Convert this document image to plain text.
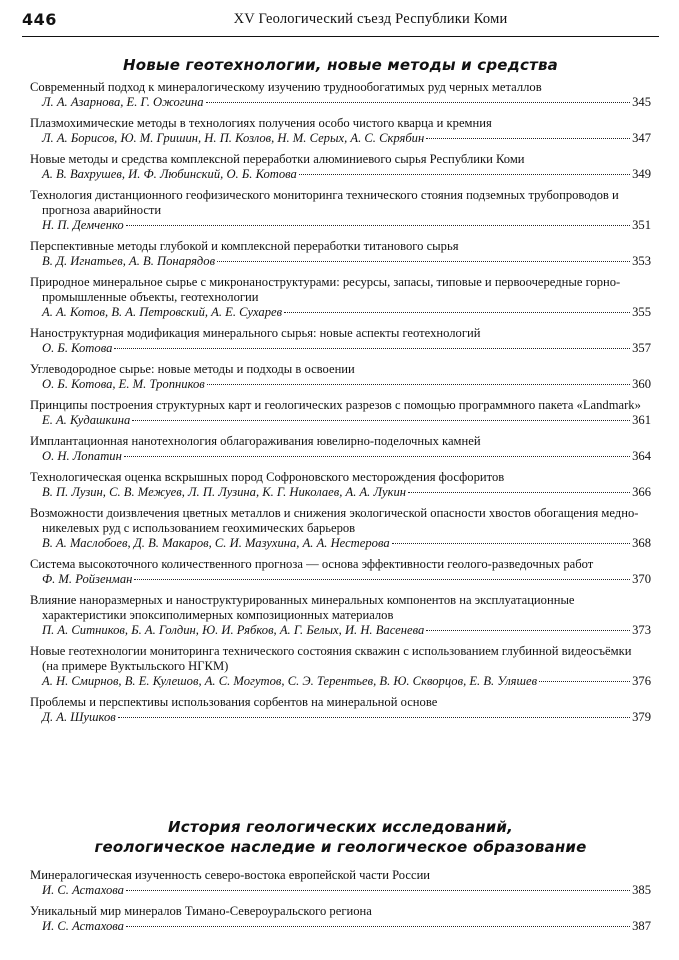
446	XV Геологический съезд Республики Коми
Новые геотехнологии, новые методы и средства
Современный подход к минералогическому изучению труднообогатимых руд черных металлов
Л. А. Азарнова, Е. Г. Ожогина	345
Плазмохимические методы в технологиях получения особо чистого кварца и кремния
Л. А. Борисов, Ю. М. Гришин, Н. П. Козлов, Н. М. Серых, А. С. Скрябин	347
Новые методы и средства комплексной переработки алюминиевого сырья Республики Коми
А. В. Вахрушев, И. Ф. Любинский, О. Б. Котова	349
Технология дистанционного геофизического мониторинга технического стояния подземных трубопроводов и прогноза аварийности
Н. П. Демченко	351
Перспективные методы глубокой и комплексной переработки титанового сырья
В. Д. Игнатьев, А. В. Понарядов	353
Природное минеральное сырье с микронаноструктурами: ресурсы, запасы, типовые и первоочередные горно-промышленные объекты, геотехнологии
А. А. Котов, В. А. Петровский, А. Е. Сухарев	355
Наноструктурная модификация минерального сырья: новые аспекты геотехнологий
О. Б. Котова	357
Углеводородное сырье: новые методы и подходы в освоении
О. Б. Котова, Е. М. Тропников	360
Принципы построения структурных карт и геологических разрезов с помощью программного пакета «Landmark»
Е. А. Кудашкина	361
Имплантационная нанотехнология облагораживания ювелирно-поделочных камней
О. Н. Лопатин	364
Технологическая оценка вскрышных пород Софроновского месторождения фосфоритов
В. П. Лузин, С. В. Межуев, Л. П. Лузина, К. Г. Николаев, А. А. Лукин	366
Возможности доизвлечения цветных металлов и снижения экологической опасности хвостов обогащения медно-никелевых руд с использованием геохимических барьеров
В. А. Маслобоев, Д. В. Макаров, С. И. Мазухина, А. А. Нестерова	368
Система высокоточного количественного прогноза — основа эффективности геолого-разведочных работ
Ф. М. Ройзенман	370
Влияние наноразмерных и наноструктурированных минеральных компонентов на эксплуатационные характеристики эпоксиполимерных композиционных материалов
П. А. Ситников, Б. А. Голдин, Ю. И. Рябков, А. Г. Белых, И. Н. Васенева	373
Новые геотехнологии мониторинга технического состояния скважин с использованием глубинной видеосъёмки (на примере Вуктыльского НГКМ)
А. Н. Смирнов, В. Е. Кулешов, А. С. Могутов, С. Э. Терентьев, В. Ю. Скворцов, Е. В. Уляшев	376
Проблемы и перспективы использования сорбентов на минеральной основе
Д. А. Шушков	379
История геологических исследований,
геологическое наследие и геологическое образование
Минералогическая изученность северо-востока европейской части России
И. С. Астахова	385
Уникальный мир минералов Тимано-Североуральского региона
И. С. Астахова	387
